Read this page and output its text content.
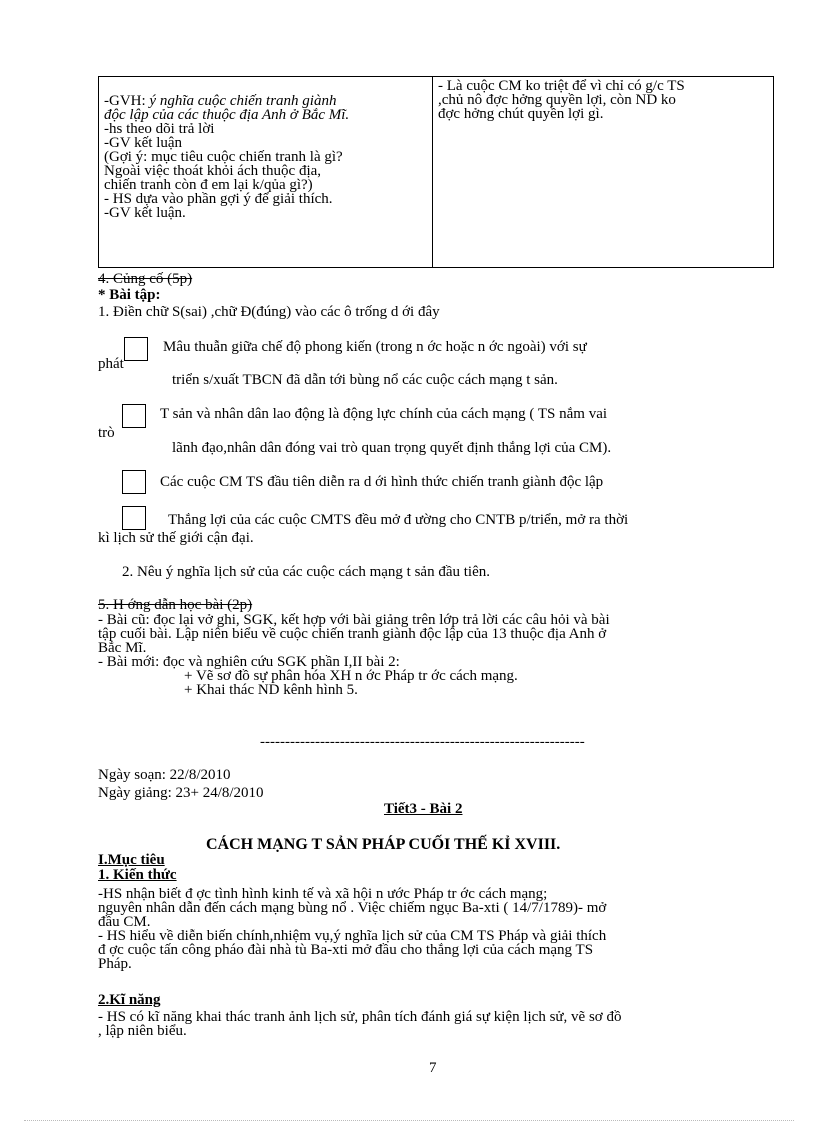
-GVH: ý nghĩa cuộc chiến tranh giành
độc lập của các thuộc địa Anh ở Bắc Mĩ.
-hs theo dõi trả lời
-GV kết luận
(Gợi ý: mục tiêu cuộc chiến tranh là gì?
Ngoài việc thoát khỏi ách thuộc địa,
chiến tranh còn đ em lại k/qủa gì?)
- HS dựa vào phần gợi ý để giải thích.
-GV kết luận.

- Là cuộc CM ko triệt để vì chỉ có g/c TS
,chủ nô đợc hởng quyền lợi, còn ND ko
đợc hởng chút quyền lợi gì.
4. Củng cố (5p)
* Bài tập:
1. Điền chữ S(sai) ,chữ Đ(đúng) vào các ô trống d ới đây
Mâu thuẫn giữa chế độ phong kiến (trong n ớc hoặc n ớc ngoài) với sự
phát
triển s/xuất TBCN đã dẫn tới bùng nổ các cuộc cách mạng t sản.
T sản và nhân dân lao động là động lực chính của cách mạng ( TS nắm vai
trò
lãnh đạo,nhân dân đóng vai trò quan trọng quyết định thắng lợi của CM).
Các cuộc CM TS đầu tiên diễn ra d ới hình thức chiến tranh giành độc lập
Thắng lợi của các cuộc CMTS đều mở đ ường cho CNTB p/triển, mở ra thời
kì lịch sử thế giới cận đại.
2. Nêu ý nghĩa lịch sử của các cuộc cách mạng t sản đầu tiên.
5. H ớng dẫn học bài (2p)
- Bài cũ: đọc lại vở ghi, SGK, kết hợp với bài giảng trên lớp trả lời các câu hỏi và bài
tập cuối bài. Lập niên biểu về cuộc chiến tranh giành độc lập của 13 thuộc địa Anh ở
Bắc Mĩ.
- Bài mới: đọc và nghiên cứu SGK phần I,II bài 2:
+ Vẽ sơ đồ sự phân hóa XH n ớc Pháp tr ớc cách mạng.
+ Khai thác ND kênh hình 5.
-----------------------------------------------------------------
Ngày soạn: 22/8/2010
Ngày giảng: 23+ 24/8/2010
Tiết3 - Bài 2
CÁCH MẠNG T SẢN PHÁP CUỐI THẾ KỈ XVIII.
I.Mục tiêu
1. Kiến thức
-HS nhận biết đ ợc tình hình kinh tế và xã hội n ước Pháp tr ớc cách mạng;
nguyên nhân dẫn đến cách mạng bùng nổ . Việc chiếm ngục Ba-xti ( 14/7/1789)- mở
đầu CM.
- HS hiểu về diễn biến chính,nhiệm vụ,ý nghĩa lịch sử của CM TS Pháp và giải thích
đ ợc cuộc tấn công pháo đài nhà tù Ba-xti mở đầu cho thắng lợi của cách mạng TS
Pháp.
2.Kĩ năng
- HS có kĩ năng khai thác tranh ảnh lịch sử, phân tích đánh giá sự kiện lịch sử, vẽ sơ đồ
, lập niên biểu.
7
